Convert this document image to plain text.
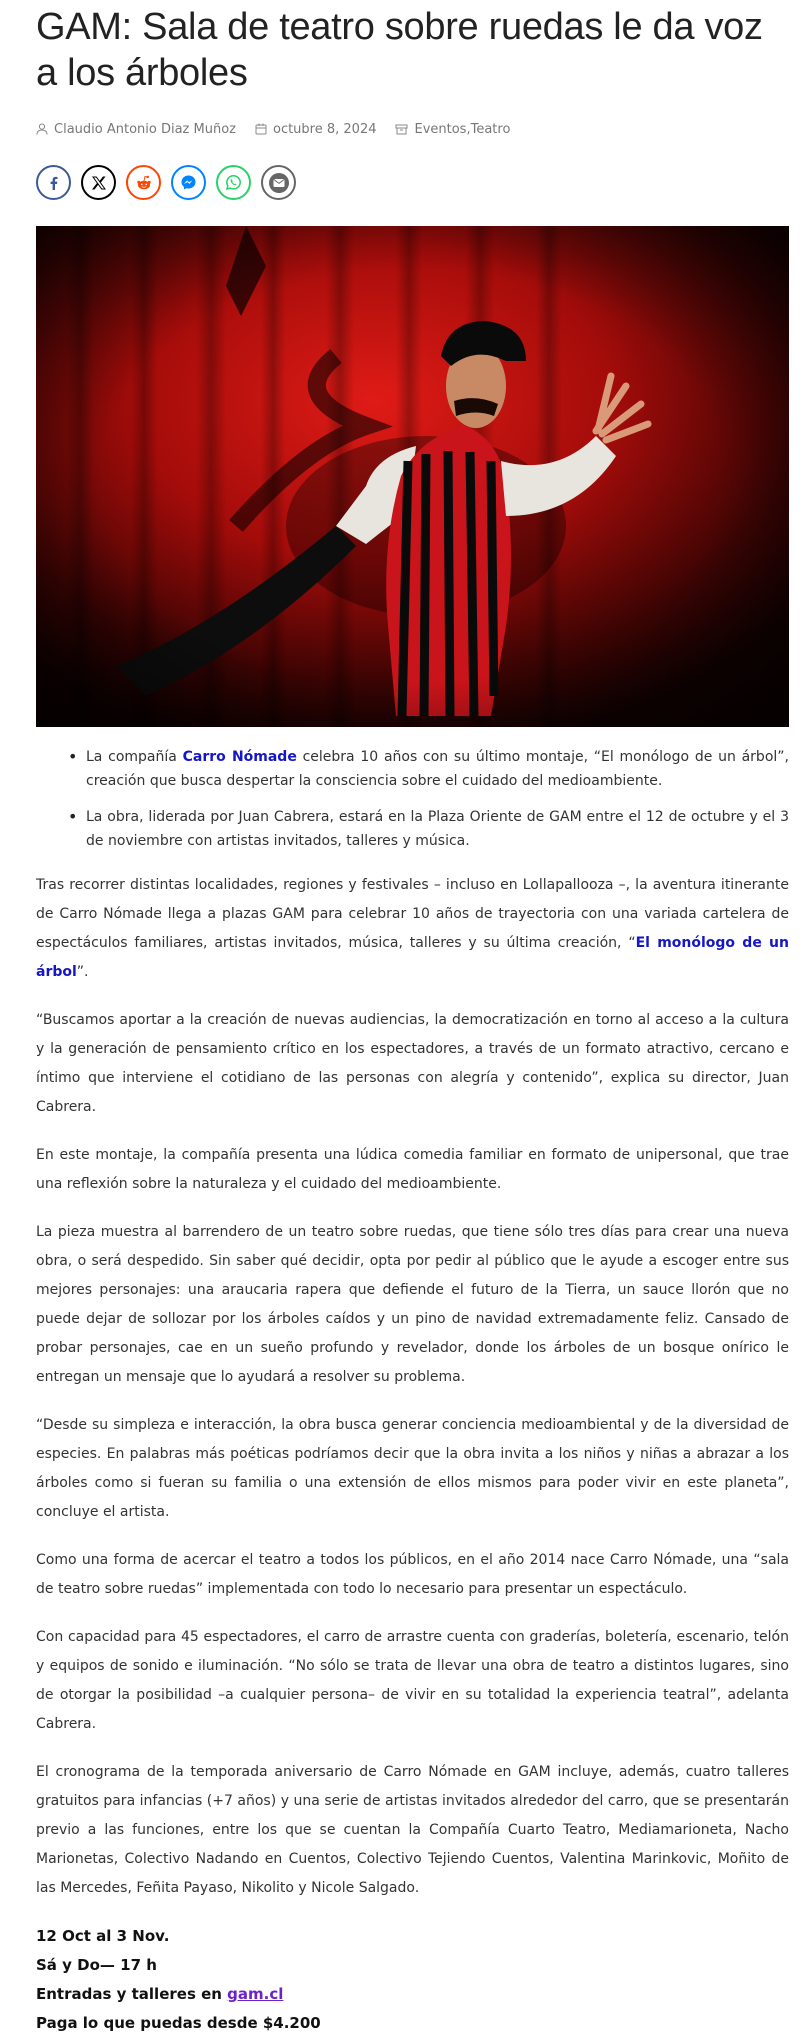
GAM: Sala de teatro sobre ruedas le da voz a los árboles
Claudio Antonio Diaz Muñoz	octubre 8, 2024	Eventos , Teatro
• La compañía Carro Nómade celebra 10 años con su último montaje, “El monólogo de un árbol”, creación que busca despertar la consciencia sobre el cuidado del medioambiente.
• La obra, liderada por Juan Cabrera, estará en la Plaza Oriente de GAM entre el 12 de octubre y el 3 de noviembre con artistas invitados, talleres y música.

Tras recorrer distintas localidades, regiones y festivales – incluso en Lollapallooza –, la aventura itinerante de Carro Nómade llega a plazas GAM para celebrar 10 años de trayectoria con una variada cartelera de espectáculos familiares, artistas invitados, música, talleres y su última creación, “El monólogo de un árbol”.

“Buscamos aportar a la creación de nuevas audiencias, la democratización en torno al acceso a la cultura y la generación de pensamiento crítico en los espectadores, a través de un formato atractivo, cercano e íntimo que interviene el cotidiano de las personas con alegría y contenido”, explica su director, Juan Cabrera.

En este montaje, la compañía presenta una lúdica comedia familiar en formato de unipersonal, que trae una reflexión sobre la naturaleza y el cuidado del medioambiente.

La pieza muestra al barrendero de un teatro sobre ruedas, que tiene sólo tres días para crear una nueva obra, o será despedido. Sin saber qué decidir, opta por pedir al público que le ayude a escoger entre sus mejores personajes: una araucaria rapera que defiende el futuro de la Tierra, un sauce llorón que no puede dejar de sollozar por los árboles caídos y un pino de navidad extremadamente feliz. Cansado de probar personajes, cae en un sueño profundo y revelador, donde los árboles de un bosque onírico le entregan un mensaje que lo ayudará a resolver su problema.

“Desde su simpleza e interacción, la obra busca generar conciencia medioambiental y de la diversidad de especies. En palabras más poéticas podríamos decir que la obra invita a los niños y niñas a abrazar a los árboles como si fueran su familia o una extensión de ellos mismos para poder vivir en este planeta”, concluye el artista.

Como una forma de acercar el teatro a todos los públicos, en el año 2014 nace Carro Nómade, una “sala de teatro sobre ruedas” implementada con todo lo necesario para presentar un espectáculo.

Con capacidad para 45 espectadores, el carro de arrastre cuenta con graderías, boletería, escenario, telón y equipos de sonido e iluminación. “No sólo se trata de llevar una obra de teatro a distintos lugares, sino de otorgar la posibilidad –a cualquier persona– de vivir en su totalidad la experiencia teatral”, adelanta Cabrera.

El cronograma de la temporada aniversario de Carro Nómade en GAM incluye, además, cuatro talleres gratuitos para infancias (+7 años) y una serie de artistas invitados alrededor del carro, que se presentarán previo a las funciones, entre los que se cuentan la Compañía Cuarto Teatro, Mediamarioneta, Nacho Marionetas, Colectivo Nadando en Cuentos, Colectivo Tejiendo Cuentos, Valentina Marinkovic, Moñito de las Mercedes, Feñita Payaso, Nikolito y Nicole Salgado.

12 Oct al 3 Nov.
Sá y Do— 17 h
Entradas y talleres en gam.cl
Paga lo que puedas desde $4.200
